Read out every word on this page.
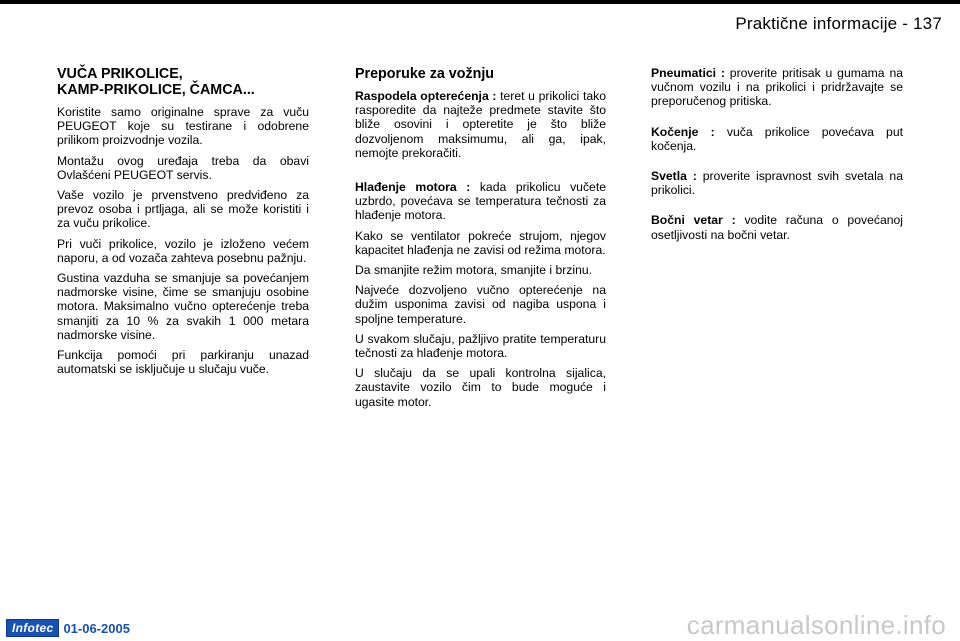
Praktične informacije - 137
VUČA PRIKOLICE,
KAMP-PRIKOLICE, ČAMCA...

Koristite samo originalne sprave za vuču PEUGEOT koje su testirane i odobrene prilikom proizvodnje vozila.

Montažu ovog uređaja treba da obavi Ovlašćeni PEUGEOT servis.

Vaše vozilo je prvenstveno predviđeno za prevoz osoba i prtljaga, ali se može koristiti i za vuču prikolice.

Pri vuči prikolice, vozilo je izloženo većem naporu, a od vozača zahteva posebnu pažnju.

Gustina vazduha se smanjuje sa povećanjem nadmorske visine, čime se smanjuju osobine motora. Maksimalno vučno opterećenje treba smanjiti za 10 % za svakih 1 000 metara nadmorske visine.

Funkcija pomoći pri parkiranju unazad automatski se isključuje u slučaju vuče.

Preporuke za vožnju

Raspodela opterećenja : teret u prikolici tako rasporedite da najteže predmete stavite što bliže osovini i opteretite je što bliže dozvoljenom maksimumu, ali ga, ipak, nemojte prekoračiti.

Hlađenje motora : kada prikolicu vučete uzbrdo, povećava se temperatura tečnosti za hlađenje motora.

Kako se ventilator pokreće strujom, njegov kapacitet hlađenja ne zavisi od režima motora.

Da smanjite režim motora, smanjite i brzinu.

Najveće dozvoljeno vučno opterećenje na dužim usponima zavisi od nagiba uspona i spoljne temperature.

U svakom slučaju, pažljivo pratite temperaturu tečnosti za hlađenje motora.

U slučaju da se upali kontrolna sijalica, zaustavite vozilo čim to bude moguće i ugasite motor.

Pneumatici : proverite pritisak u gumama na vučnom vozilu i na prikolici i pridržavajte se preporučenog pritiska.

Kočenje : vuča prikolice povećava put kočenja.

Svetla : proverite ispravnost svih svetala na prikolici.

Bočni vetar : vodite računa o povećanoj osetljivosti na bočni vetar.

Infotec 01-06-2005	carmanualsonline.info
